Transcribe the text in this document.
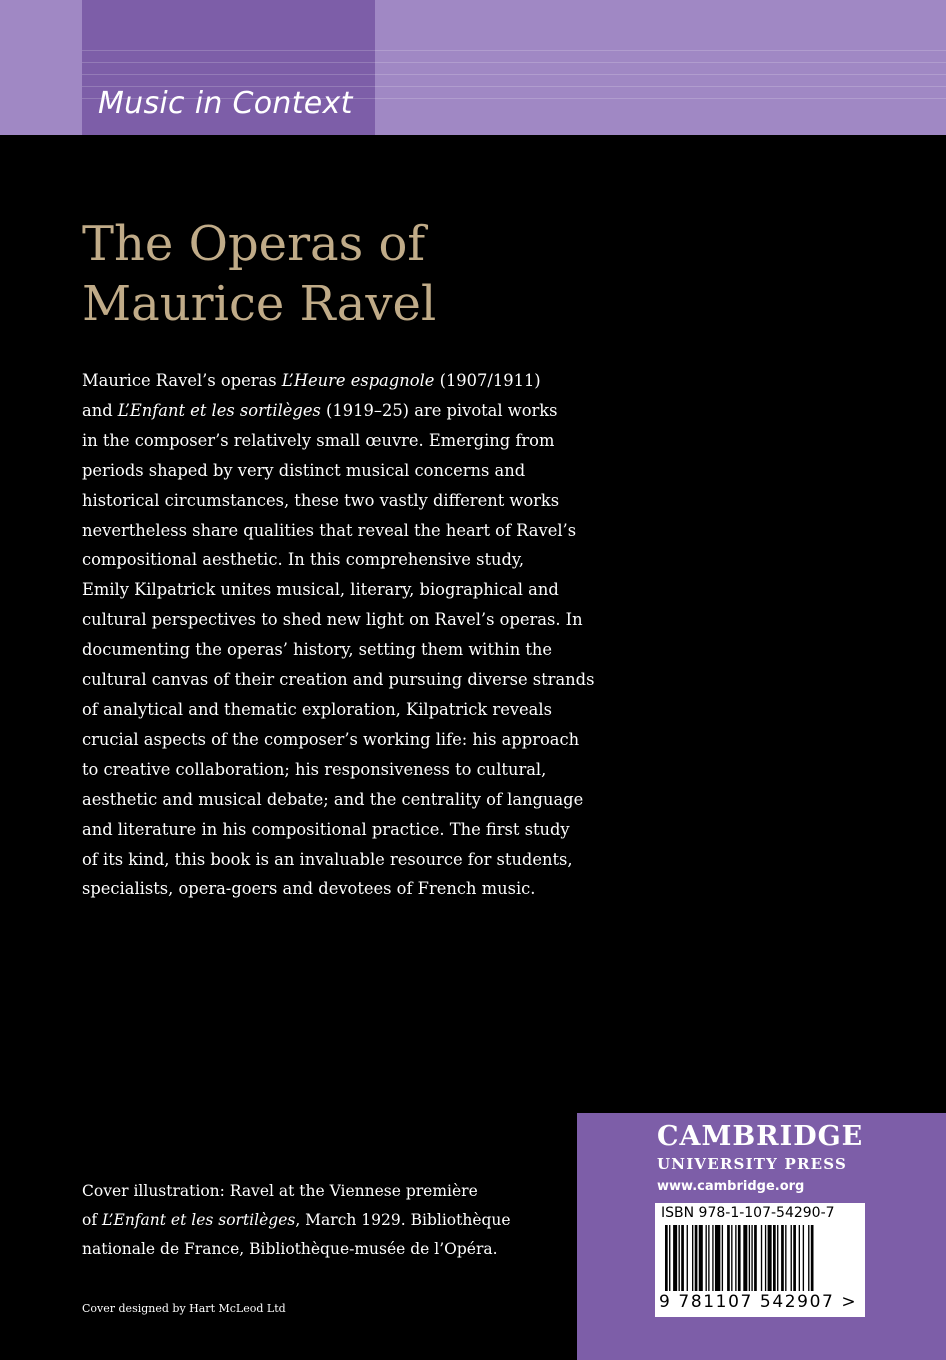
Music in Context
The Operas of
Maurice Ravel
Maurice Ravel’s operas L’Heure espagnole (1907/1911)
and L’Enfant et les sortilèges (1919–25) are pivotal works
in the composer’s relatively small œuvre. Emerging from
periods shaped by very distinct musical concerns and
historical circumstances, these two vastly different works
nevertheless share qualities that reveal the heart of Ravel’s
compositional aesthetic. In this comprehensive study,
Emily Kilpatrick unites musical, literary, biographical and
cultural perspectives to shed new light on Ravel’s operas. In
documenting the operas’ history, setting them within the
cultural canvas of their creation and pursuing diverse strands
of analytical and thematic exploration, Kilpatrick reveals
crucial aspects of the composer’s working life: his approach
to creative collaboration; his responsiveness to cultural,
aesthetic and musical debate; and the centrality of language
and literature in his compositional practice. The first study
of its kind, this book is an invaluable resource for students,
specialists, opera-goers and devotees of French music.
Cover illustration: Ravel at the Viennese première
of L’Enfant et les sortilèges, March 1929. Bibliothèque
nationale de France, Bibliothèque-musée de l’Opéra.
Cover designed by Hart McLeod Ltd
CAMBRIDGE
UNIVERSITY PRESS
www.cambridge.org
ISBN 978-1-107-54290-7
9 781107 542907 >
